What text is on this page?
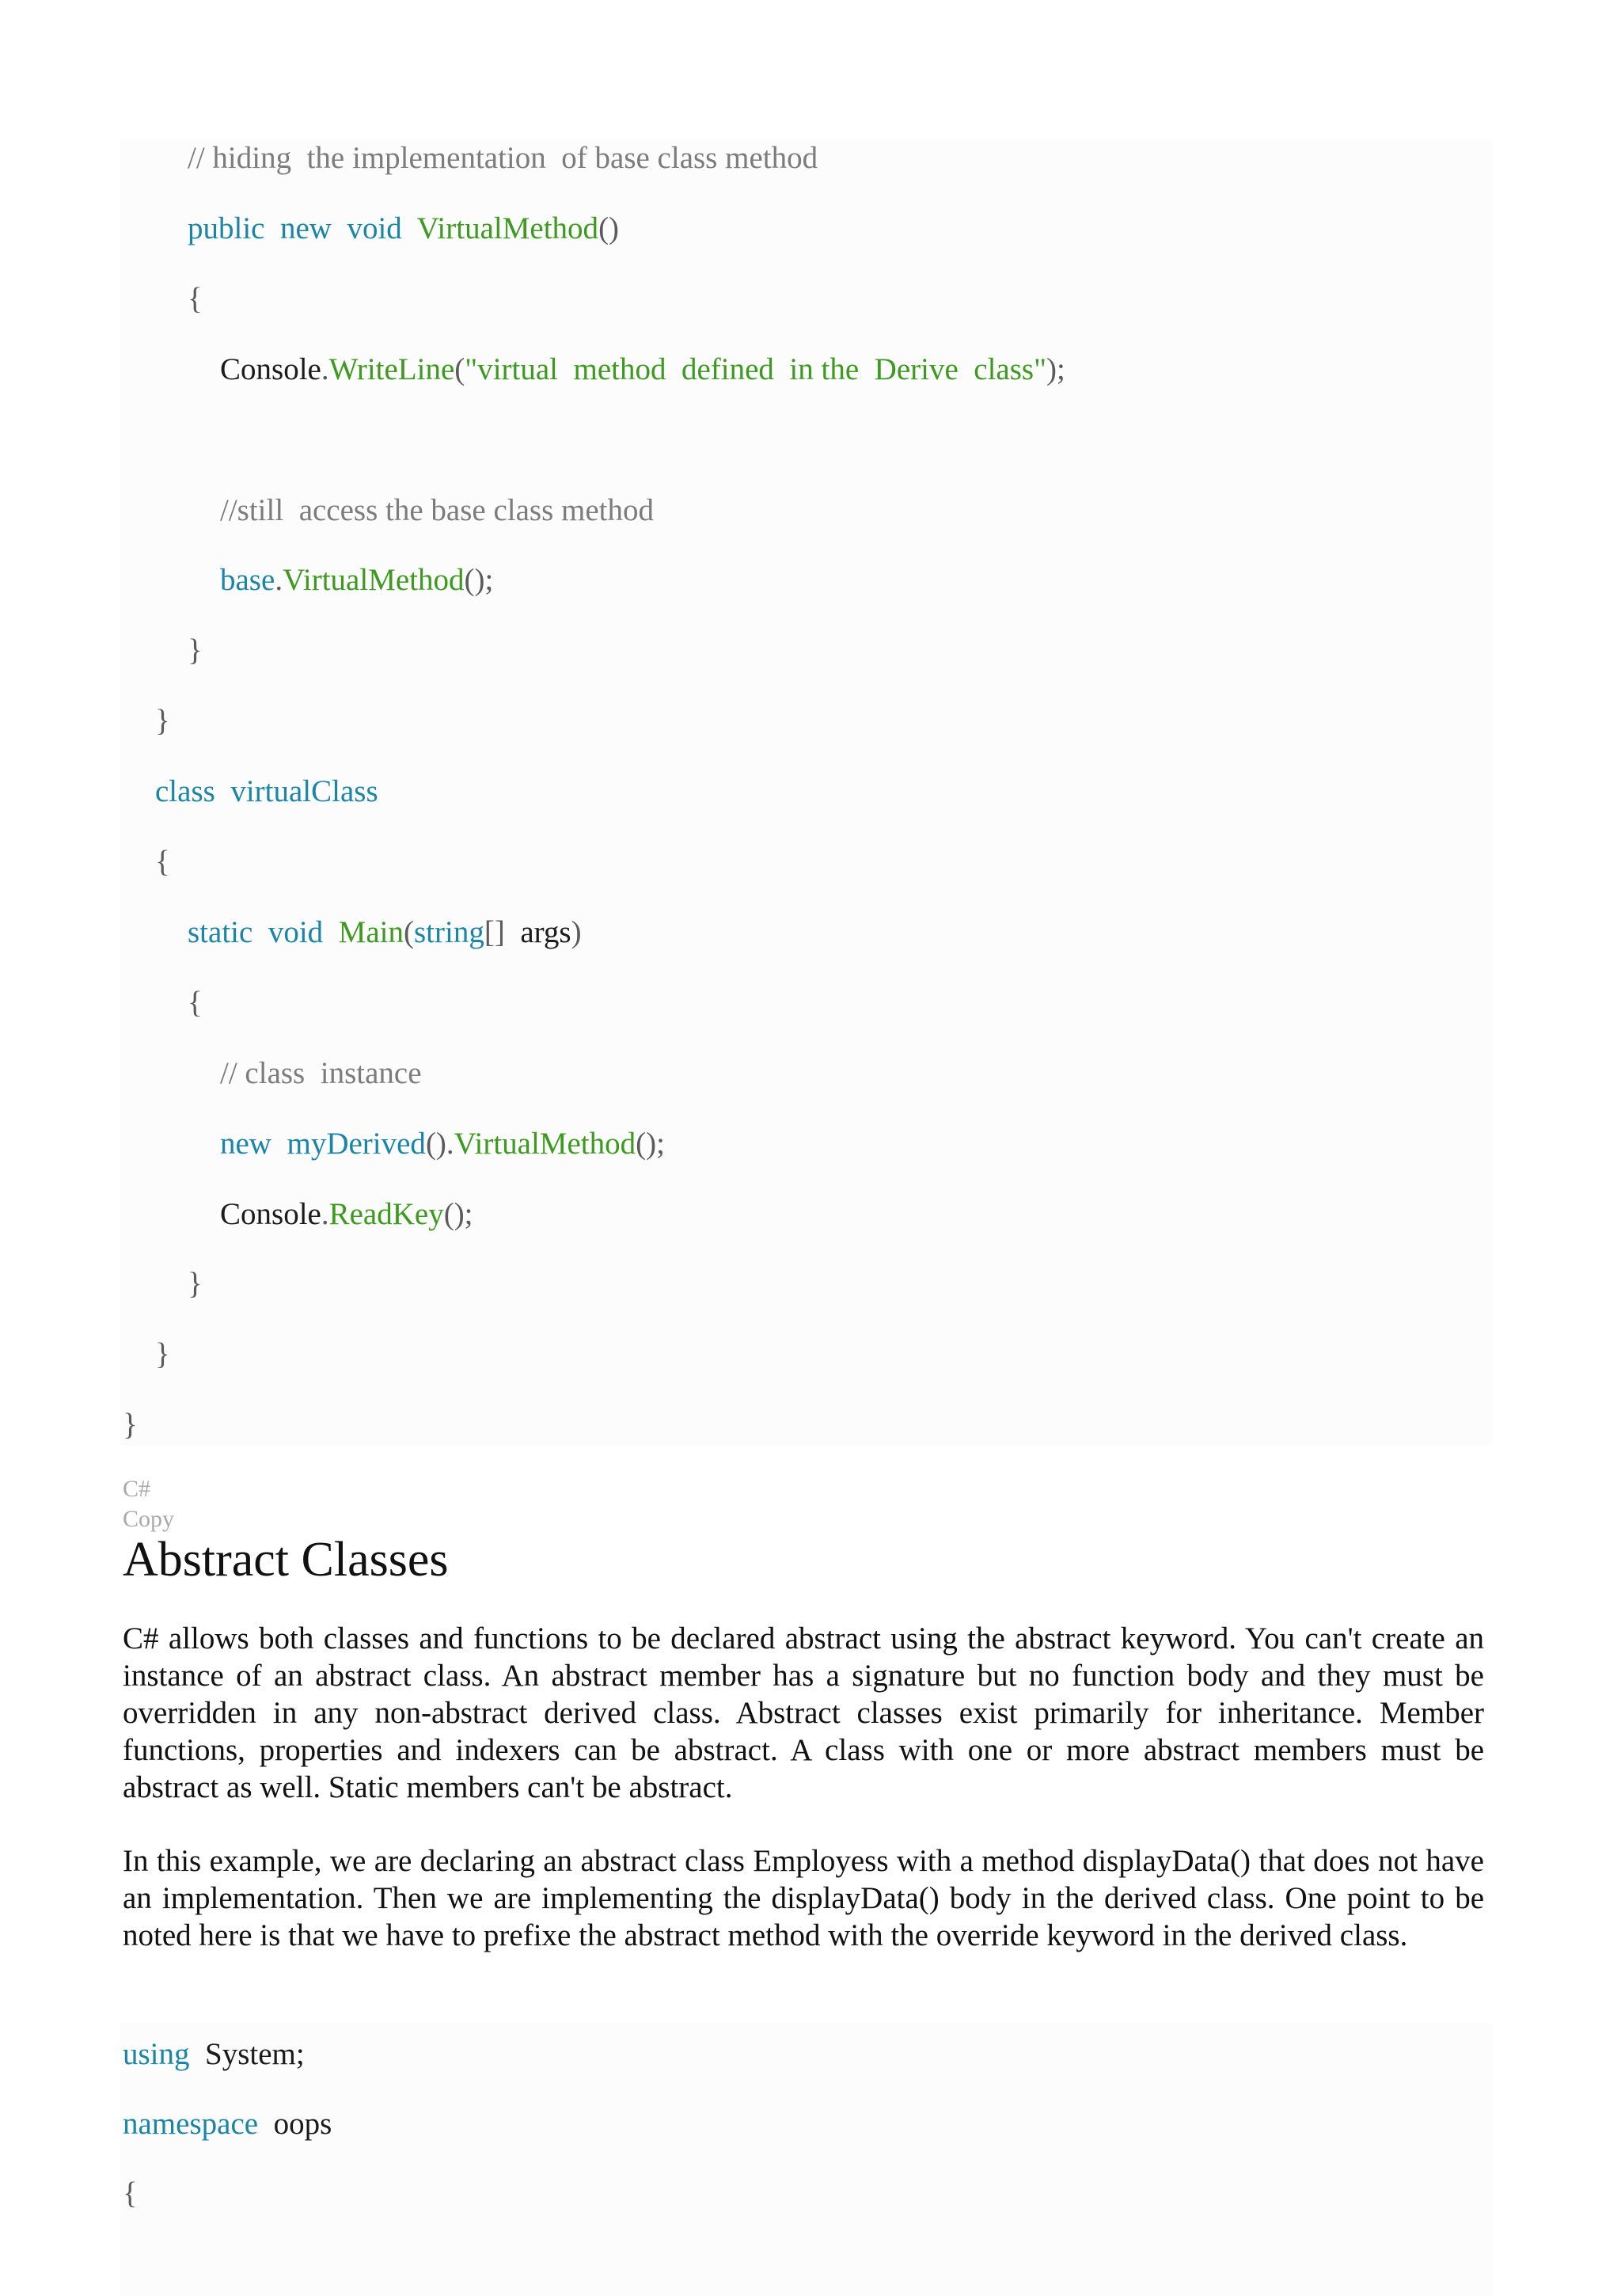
// hiding  the implementation  of base class method
public new void VirtualMethod()
{
Console.WriteLine("virtual  method  defined  in the  Derive  class");
//still  access the base class method
base.VirtualMethod();
}
}
class virtualClass
{
static void Main(string[]  args)
{
// class  instance
new myDerived().VirtualMethod();
Console.ReadKey();
}
}
}
C#
Copy
Abstract Classes

C# allows both classes and functions to be declared abstract using the abstract keyword. You can't create an instance of an abstract class. An abstract member has a signature but no function body and they must be overridden in any non-abstract derived class. Abstract classes exist primarily for inheritance. Member functions, properties and indexers can be abstract. A class with one or more abstract members must be abstract as well. Static members can't be abstract.

In this example, we are declaring an abstract class Employess with a method displayData() that does not have an implementation. Then we are implementing the displayData() body in the derived class. One point to be noted here is that we have to prefixe the abstract method with the override keyword in the derived class.

using  System;
namespace  oops
{
